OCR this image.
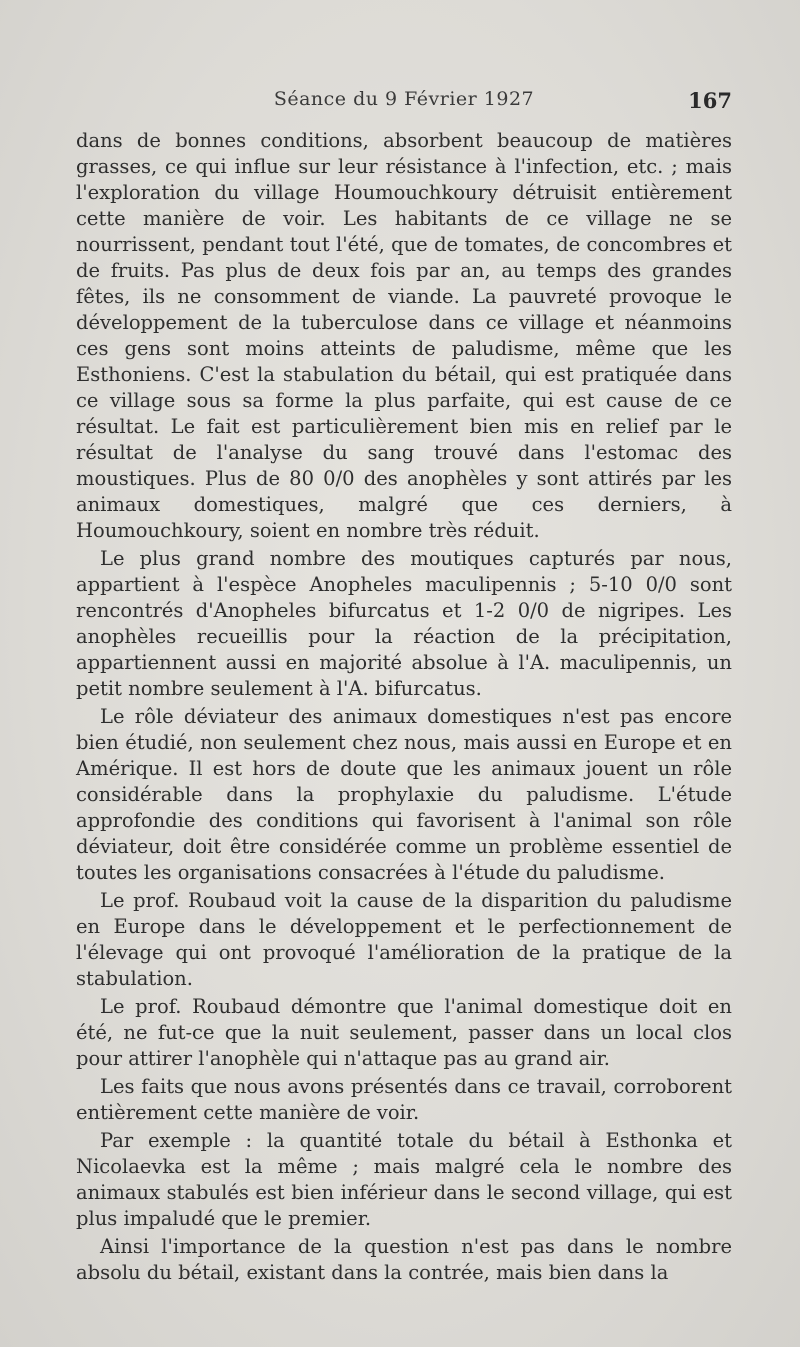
Séance du 9 Février 1927	167

dans de bonnes conditions, absorbent beaucoup de matières grasses, ce qui influe sur leur résistance à l'infection, etc. ; mais l'exploration du village Houmouchkoury détruisit entièrement cette manière de voir. Les habitants de ce village ne se nourrissent, pendant tout l'été, que de tomates, de concombres et de fruits. Pas plus de deux fois par an, au temps des grandes fêtes, ils ne consomment de viande. La pauvreté provoque le développement de la tuberculose dans ce village et néanmoins ces gens sont moins atteints de paludisme, même que les Esthoniens. C'est la stabulation du bétail, qui est pratiquée dans ce village sous sa forme la plus parfaite, qui est cause de ce résultat. Le fait est particulièrement bien mis en relief par le résultat de l'analyse du sang trouvé dans l'estomac des moustiques. Plus de 80 0/0 des anophèles y sont attirés par les animaux domestiques, malgré que ces derniers, à Houmouchkoury, soient en nombre très réduit.

Le plus grand nombre des moutiques capturés par nous, appartient à l'espèce Anopheles maculipennis ; 5-10 0/0 sont rencontrés d'Anopheles bifurcatus et 1-2 0/0 de nigripes. Les anophèles recueillis pour la réaction de la précipitation, appartiennent aussi en majorité absolue à l'A. maculipennis, un petit nombre seulement à l'A. bifurcatus.

Le rôle déviateur des animaux domestiques n'est pas encore bien étudié, non seulement chez nous, mais aussi en Europe et en Amérique. Il est hors de doute que les animaux jouent un rôle considérable dans la prophylaxie du paludisme. L'étude approfondie des conditions qui favorisent à l'animal son rôle déviateur, doit être considérée comme un problème essentiel de toutes les organisations consacrées à l'étude du paludisme.

Le prof. Roubaud voit la cause de la disparition du paludisme en Europe dans le développement et le perfectionnement de l'élevage qui ont provoqué l'amélioration de la pratique de la stabulation.

Le prof. Roubaud démontre que l'animal domestique doit en été, ne fut-ce que la nuit seulement, passer dans un local clos pour attirer l'anophèle qui n'attaque pas au grand air.

Les faits que nous avons présentés dans ce travail, corroborent entièrement cette manière de voir.

Par exemple : la quantité totale du bétail à Esthonka et Nicolaevka est la même ; mais malgré cela le nombre des animaux stabulés est bien inférieur dans le second village, qui est plus impaludé que le premier.

Ainsi l'importance de la question n'est pas dans le nombre absolu du bétail, existant dans la contrée, mais bien dans la
